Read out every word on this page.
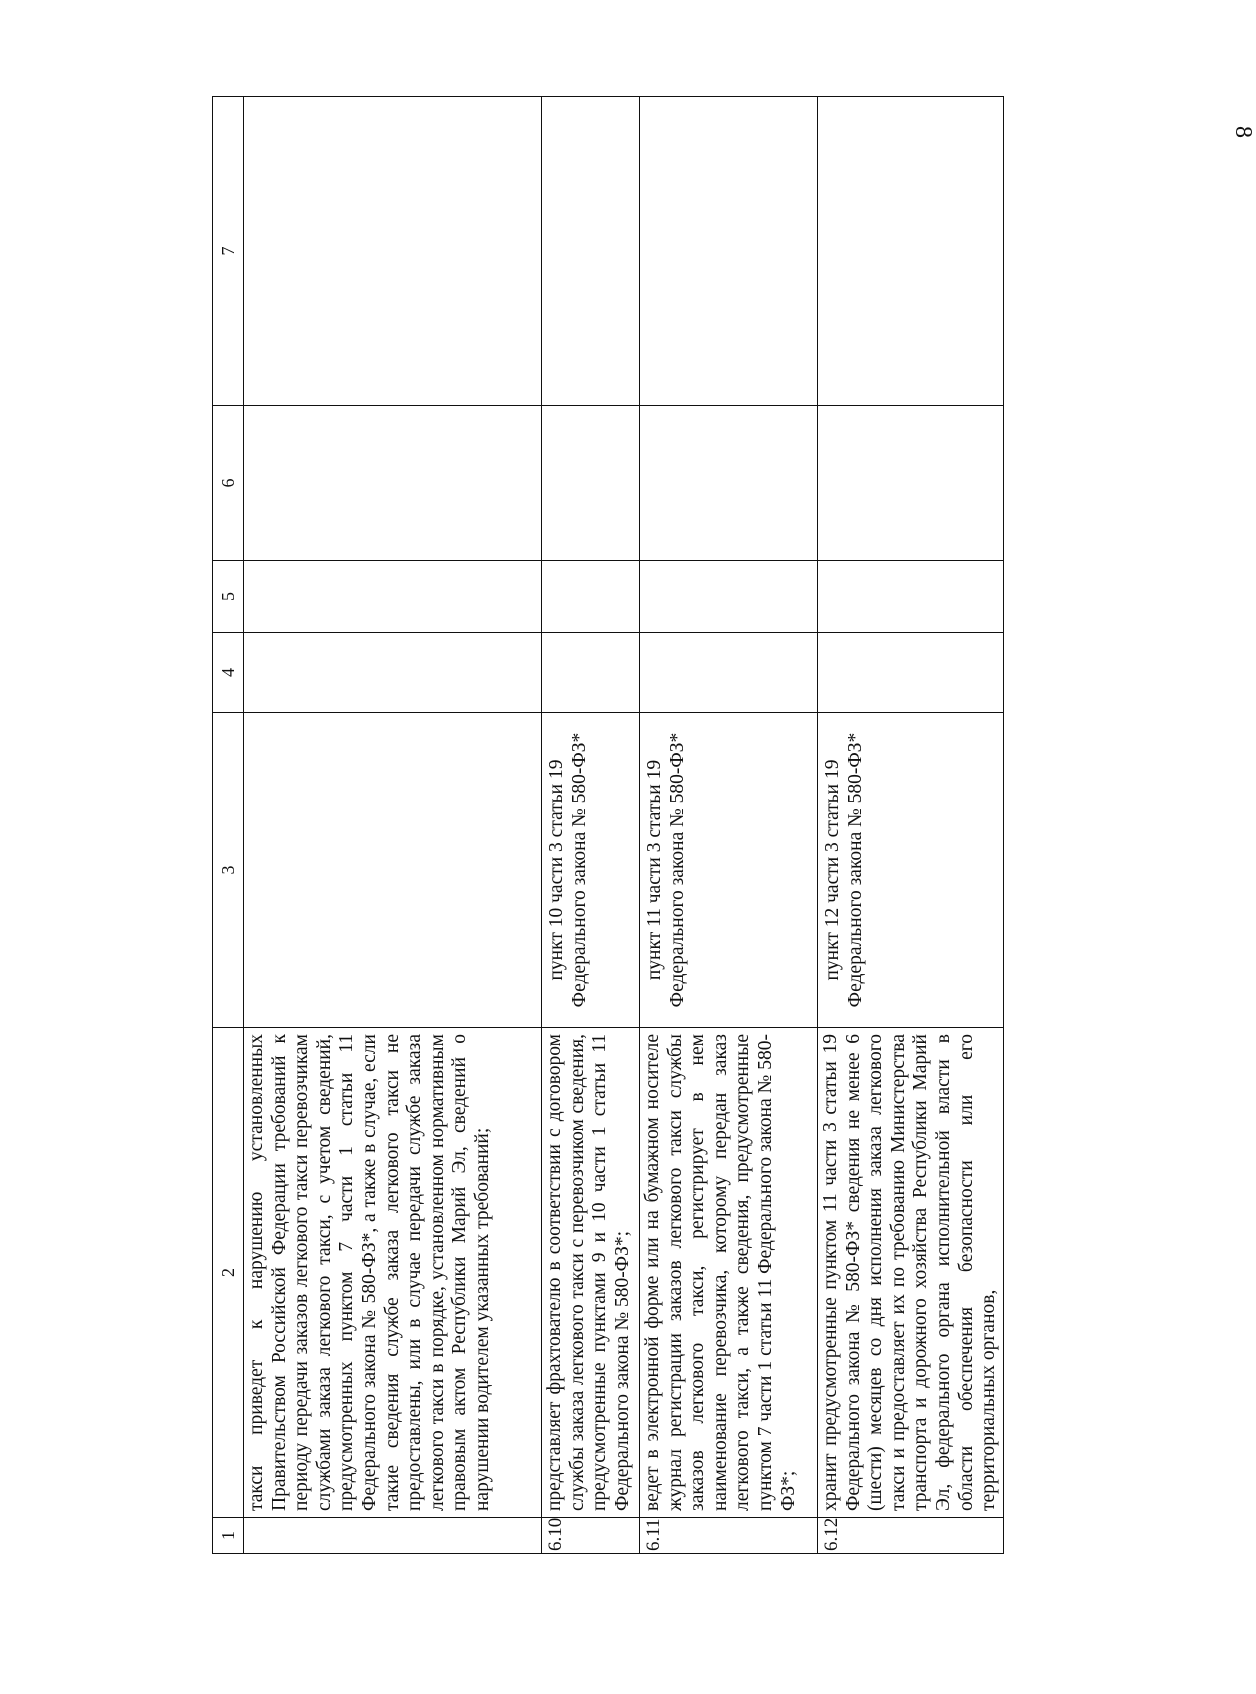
8
1	2	3	4	5	6	7
	такси приведет к нарушению установленных Правительством Российской Федерации требований к периоду передачи заказов легкового такси перевозчикам службами заказа легкового такси, с учетом сведений, предусмотренных пунктом 7 части 1 статьи 11 Федерального закона № 580-ФЗ*, а также в случае, если такие сведения службе заказа легкового такси не предоставлены, или в случае передачи службе заказа легкового такси в порядке, установленном нормативным правовым актом Республики Марий Эл, сведений о нарушении водителем указанных требований;	

6.10	представляет фрахтователю в соответствии с договором службы заказа легкового такси с перевозчиком сведения, предусмотренные пунктами 9 и 10 части 1 статьи 11 Федерального закона № 580-ФЗ*;	пункт 10 части 3 статьи 19 Федерального закона № 580-ФЗ*				

6.11	ведет в электронной форме или на бумажном носителе журнал регистрации заказов легкового такси службы заказов легкового такси, регистрирует в нем наименование перевозчика, которому передан заказ легкового такси, а также сведения, предусмотренные пунктом 7 части 1 статьи 11 Федерального закона № 580-ФЗ*;	пункт 11 части 3 статьи 19 Федерального закона № 580-ФЗ*				

6.12	хранит предусмотренные пунктом 11 части 3 статьи 19 Федерального закона № 580-ФЗ* сведения не менее 6 (шести) месяцев со дня исполнения заказа легкового такси и предоставляет их по требованию Министерства транспорта и дорожного хозяйства Республики Марий Эл, федерального органа исполнительной власти в области обеспечения безопасности или его территориальных органов,	пункт 12 части 3 статьи 19 Федерального закона № 580-ФЗ*				
